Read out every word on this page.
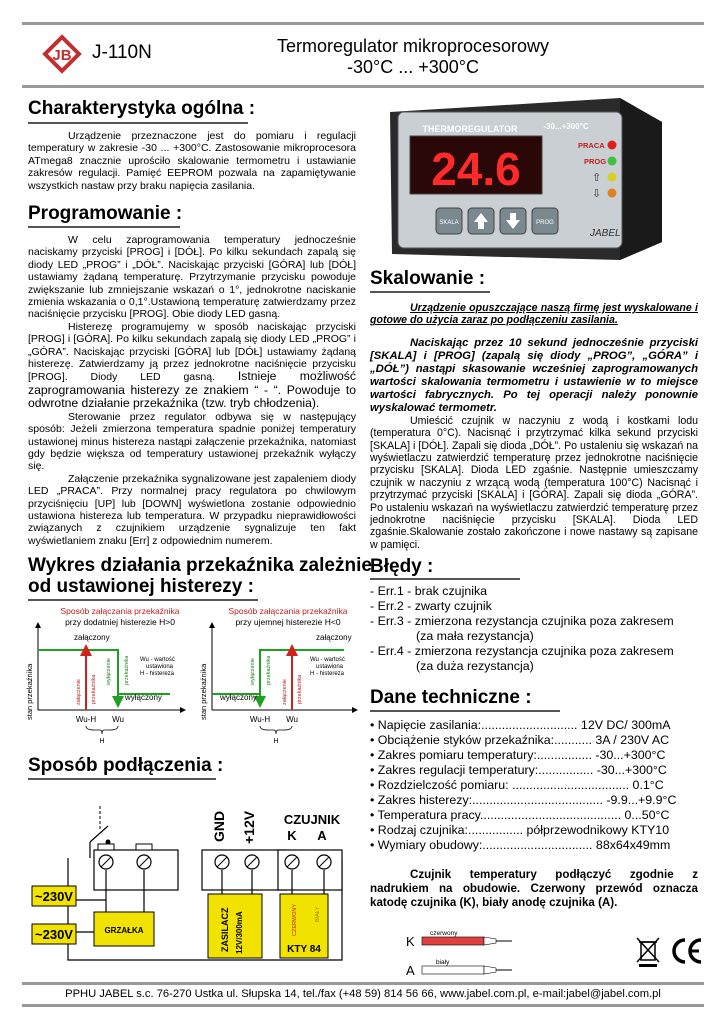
JB J-110N	Termoregulator mikroprocesorowy
-30°C ... +300°C
Charakterystyka ogólna :

Urządzenie przeznaczone jest do pomiaru i regulacji temperatury w zakresie -30 ... +300°C. Zastosowanie mikroprocesora ATmega8 znacznie uprościło skalowanie termometru i ustawianie zakresów regulacji. Pamięć EEPROM pozwala na zapamiętywanie wszystkich nastaw przy braku napięcia zasilania.

Programowanie :

W celu zaprogramowania temperatury jednocześnie naciskamy przyciski [PROG] i [DÓŁ]. Po kilku sekundach zapalą się diody LED „PROG” i „DÓŁ”. Naciskając przyciski [GÓRA] lub [DÓŁ] ustawiamy żądaną temperaturę. Przytrzymanie przycisku powoduje zwiększanie lub zmniejszanie wskazań o 1°, jednokrotne naciskanie zmienia wskazania o 0,1°.Ustawioną temperaturę zatwierdzamy przez naciśnięcie przycisku [PROG]. Obie diody LED gasną.

Histerezę programujemy w sposób naciskając przyciski [PROG] i [GÓRA]. Po kilku sekundach zapalą się diody LED „PROG” i „GÓRA”. Naciskając przyciski [GÓRA] lub [DÓŁ] ustawiamy żądaną histerezę. Zatwierdzamy ją przez jednokrotne naciśnięcie przycisku [PROG]. Diody LED gasną. Istnieje możliwość zaprogramowania histerezy ze znakiem “ - “. Powoduje to odwrotne działanie przekaźnika (tzw. tryb chłodzenia).

Sterowanie przez regulator odbywa się w następujący sposób: Jeżeli zmierzona temperatura spadnie poniżej temperatury ustawionej minus histereza nastąpi załączenie przekaźnika, natomiast gdy będzie większa od temperatury ustawionej przekaźnik wyłączy się.

Załączenie przekaźnika sygnalizowane jest zapaleniem diody LED „PRACA”. Przy normalnej pracy regulatora po chwilowym przyciśnięciu [UP] lub [DOWN] wyświetlona zostanie odpowiednio ustawiona histereza lub temperatura. W przypadku nieprawidłowości związanych z czujnikiem urządzenie sygnalizuje ten fakt wyświetlaniem znaku [Err] z odpowiednim numerem.

Wykres działania przekaźnika zależnie
od ustawionej histerezy :
Sposób załączania przekaźnika
przy dodatniej histerezie H>0
załączony
wyłączony
Wu - wartość
ustawiona
H - histereza
załączenie przekaźnika
wyłączenie przekaźnika
stan przekaźnika	Wu-H Wu
H
Sposób załączania przekaźnika
przy ujemnej histerezie H<0
załączony
wyłączony
Wu - wartość
ustawiona
H - histereza
wyłączenie przekaźnika
załączenie przekaźnika
stan przekaźnika	Wu-H Wu
H
Sposób podłączenia :
GND +12V CZUJNIK
K A
~230V
~230V	GRZAŁKA	ZASILACZ 12V/300mA	CZERWONY	BIAŁY
KTY 84
THERMOREGULATOR	-30...+300°C
24.6	PRACA
PROG
⇧
⇩
SKALA	PROG
JABEL
Skalowanie :

Urządzenie opuszczające naszą firmę jest wyskalowane i gotowe do użycia zaraz po podłączeniu zasilania.

Naciskając przez 10 sekund jednocześnie przyciski [SKALA] i [PROG] (zapalą się diody „PROG”, „GÓRA” i „DÓŁ”) nastąpi skasowanie wcześniej zaprogramowanych wartości skalowania termometru i ustawienie w to miejsce wartości fabrycznych. Po tej operacji należy ponownie wyskalować termometr.

Umieścić czujnik w naczyniu z wodą i kostkami lodu (temperatura 0°C). Nacisnąć i przytrzymać kilka sekund przyciski [SKALA] i [DÓŁ]. Zapali się dioda „DÓŁ”. Po ustaleniu się wskazań na wyświetlaczu zatwierdzić temperaturę przez jednokrotne naciśnięcie przycisku [SKALA]. Dioda LED zgaśnie. Następnie umieszczamy czujnik w naczyniu z wrzącą wodą (temperatura 100°C) Nacisnąć i przytrzymać przyciski [SKALA] i [GÓRA]. Zapali się dioda „GÓRA”. Po ustaleniu wskazań na wyświetlaczu zatwierdzić temperaturę przez jednokrotne naciśnięcie przycisku [SKALA]. Dioda LED zgaśnie.Skalowanie zostało zakończone i nowe nastawy są zapisane w pamięci.

Błędy :
- Err.1 - brak czujnika
- Err.2 - zwarty czujnik
- Err.3 - zmierzona rezystancja czujnika poza zakresem
(za mała rezystancja)
- Err.4 - zmierzona rezystancja czujnika poza zakresem
(za duża rezystancja)
Dane techniczne :
• Napięcie zasilania:............................ 12V DC/ 300mA
• Obciążenie styków przekaźnika:........... 3A / 230V AC
• Zakres pomiaru temperatury:................ -30...+300°C
• Zakres regulacji temperatury:................ -30...+300°C
• Rozdzielczość pomiaru: .................................. 0.1°C
• Zakres histerezy:...................................... -9.9...+9.9°C
• Temperatura pracy......................................... 0...50°C
• Rodzaj czujnika:................ półprzewodnikowy KTY10
• Wymiary obudowy:................................ 88x64x49mm

Czujnik temperatury podłączyć zgodnie z nadrukiem na obudowie. Czerwony przewód oznacza katodę czujnika (K), biały anodę czujnika (A).

K
A
czerwony
biały
PPHU JABEL s.c. 76-270 Ustka ul. Słupska 14, tel./fax (+48 59) 814 56 66, www.jabel.com.pl, e-mail:jabel@jabel.com.pl
